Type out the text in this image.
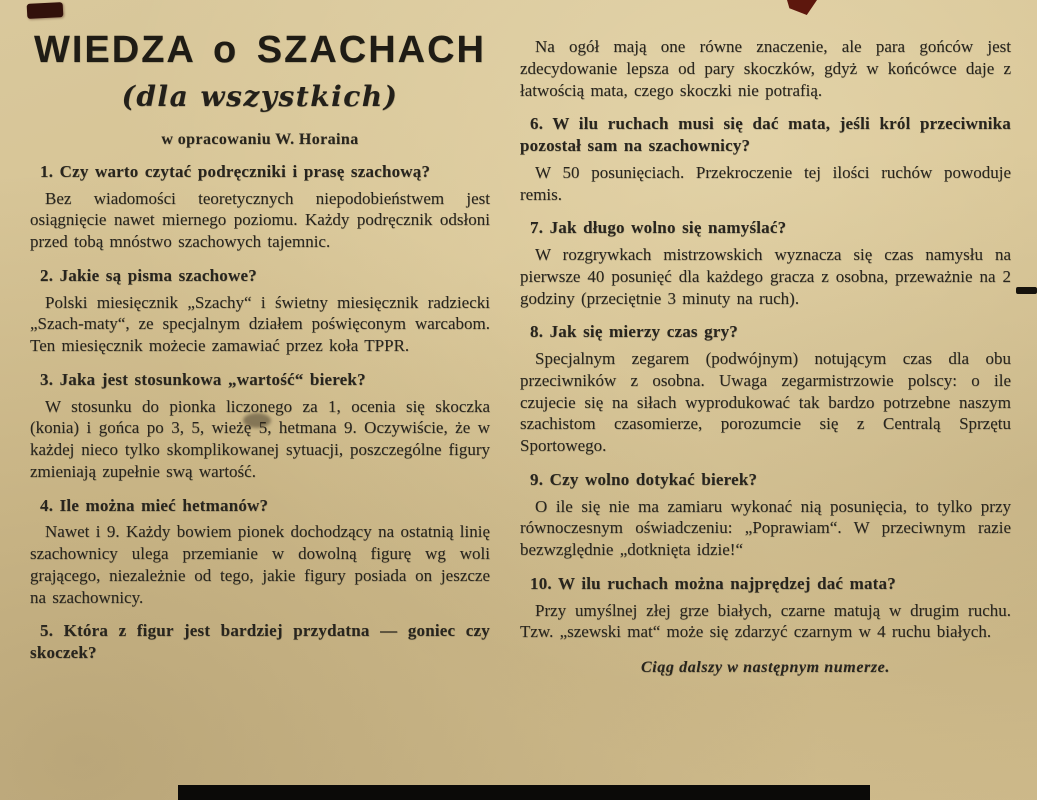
WIEDZA o SZACHACH
(dla wszystkich)
w opracowaniu W. Horaina
1. Czy warto czytać podręczniki i prasę szachową?

Bez wiadomości teoretycznych niepodobieństwem jest osiągnięcie nawet miernego poziomu. Każdy podręcznik odsłoni przed tobą mnóstwo szachowych tajemnic.

2. Jakie są pisma szachowe?

Polski miesięcznik „Szachy“ i świetny miesięcznik radziecki „Szach-maty“, ze specjalnym działem poświęconym warcabom. Ten miesięcznik możecie zamawiać przez koła TPPR.

3. Jaka jest stosunkowa „wartość“ bierek?

W stosunku do pionka liczonego za 1, ocenia się skoczka (konia) i gońca po 3, 5, wieżę 5, hetmana 9. Oczywiście, że w każdej nieco tylko skomplikowanej sytuacji, poszczególne figury zmieniają zupełnie swą wartość.

4. Ile można mieć hetmanów?

Nawet i 9. Każdy bowiem pionek dochodzący na ostatnią linię szachownicy ulega przemianie w dowolną figurę wg woli grającego, niezależnie od tego, jakie figury posiada on jeszcze na szachownicy.

5. Która z figur jest bardziej przydatna — goniec czy skoczek?

Na ogół mają one równe znaczenie, ale para gońców jest zdecydowanie lepsza od pary skoczków, gdyż w końcówce daje z łatwością mata, czego skoczki nie potrafią.

6. W ilu ruchach musi się dać mata, jeśli król przeciwnika pozostał sam na szachownicy?

W 50 posunięciach. Przekroczenie tej ilości ruchów powoduje remis.

7. Jak długo wolno się namyślać?

W rozgrywkach mistrzowskich wyznacza się czas namysłu na pierwsze 40 posunięć dla każdego gracza z osobna, przeważnie na 2 godziny (przeciętnie 3 minuty na ruch).

8. Jak się mierzy czas gry?

Specjalnym zegarem (podwójnym) notującym czas dla obu przeciwników z osobna. Uwaga zegarmistrzowie polscy: o ile czujecie się na siłach wyprodukować tak bardzo potrzebne naszym szachistom czasomierze, porozumcie się z Centralą Sprzętu Sportowego.

9. Czy wolno dotykać bierek?

O ile się nie ma zamiaru wykonać nią posunięcia, to tylko przy równoczesnym oświadczeniu: „Poprawiam“. W przeciwnym razie bezwzględnie „dotknięta idzie!“

10. W ilu ruchach można najprędzej dać mata?

Przy umyślnej złej grze białych, czarne matują w drugim ruchu. Tzw. „szewski mat“ może się zdarzyć czarnym w 4 ruchu białych.

Ciąg dalszy w następnym numerze.
